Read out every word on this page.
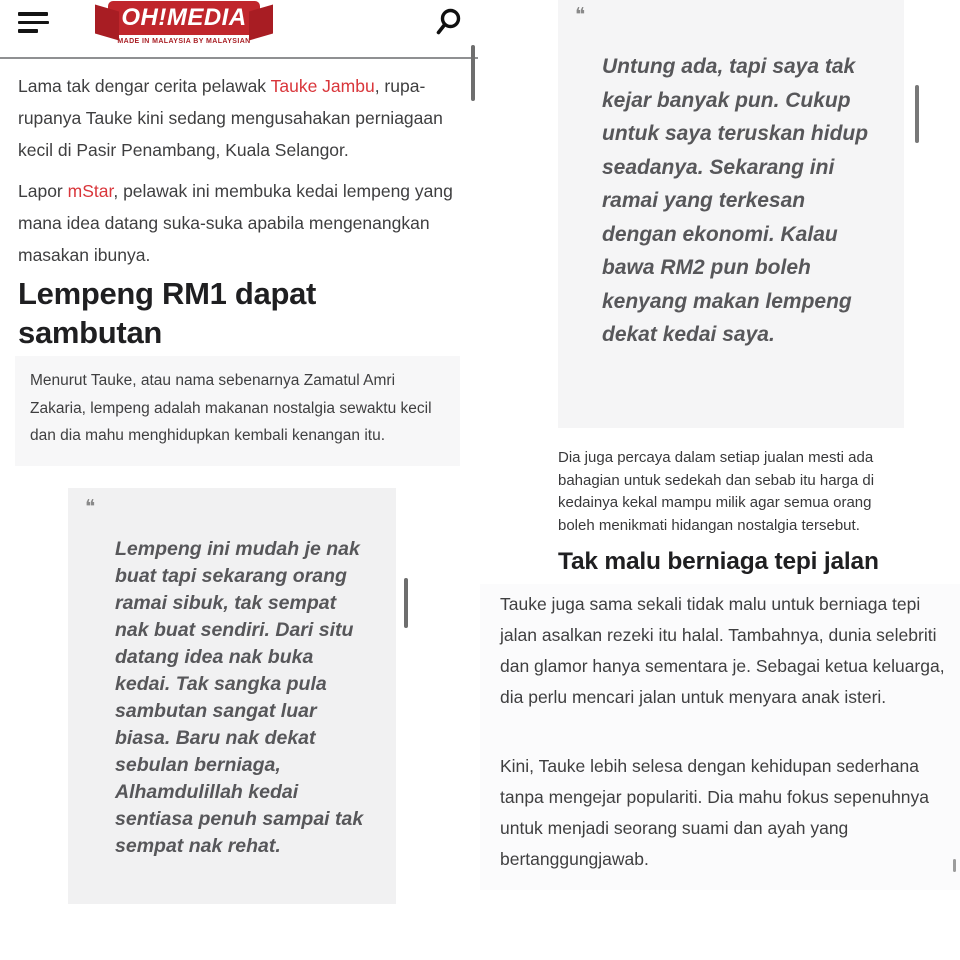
OH!MEDIA
MADE IN MALAYSIA BY MALAYSIAN

Lama tak dengar cerita pelawak Tauke Jambu, rupa-rupanya Tauke kini sedang mengusahakan perniagaan kecil di Pasir Penambang, Kuala Selangor.

Lapor mStar, pelawak ini membuka kedai lempeng yang mana idea datang suka-suka apabila mengenangkan masakan ibunya.

Lempeng RM1 dapat sambutan

Menurut Tauke, atau nama sebenarnya Zamatul Amri Zakaria, lempeng adalah makanan nostalgia sewaktu kecil dan dia mahu menghidupkan kembali kenangan itu.

❝

Lempeng ini mudah je nak buat tapi sekarang orang ramai sibuk, tak sempat nak buat sendiri. Dari situ datang idea nak buka kedai. Tak sangka pula sambutan sangat luar biasa. Baru nak dekat sebulan berniaga, Alhamdulillah kedai sentiasa penuh sampai tak sempat nak rehat.

❝

Untung ada, tapi saya tak kejar banyak pun. Cukup untuk saya teruskan hidup seadanya. Sekarang ini ramai yang terkesan dengan ekonomi. Kalau bawa RM2 pun boleh kenyang makan lempeng dekat kedai saya.

Dia juga percaya dalam setiap jualan mesti ada bahagian untuk sedekah dan sebab itu harga di kedainya kekal mampu milik agar semua orang boleh menikmati hidangan nostalgia tersebut.

Tak malu berniaga tepi jalan

Tauke juga sama sekali tidak malu untuk berniaga tepi jalan asalkan rezeki itu halal. Tambahnya, dunia selebriti dan glamor hanya sementara je. Sebagai ketua keluarga, dia perlu mencari jalan untuk menyara anak isteri.

Kini, Tauke lebih selesa dengan kehidupan sederhana tanpa mengejar populariti. Dia mahu fokus sepenuhnya untuk menjadi seorang suami dan ayah yang bertanggungjawab.
